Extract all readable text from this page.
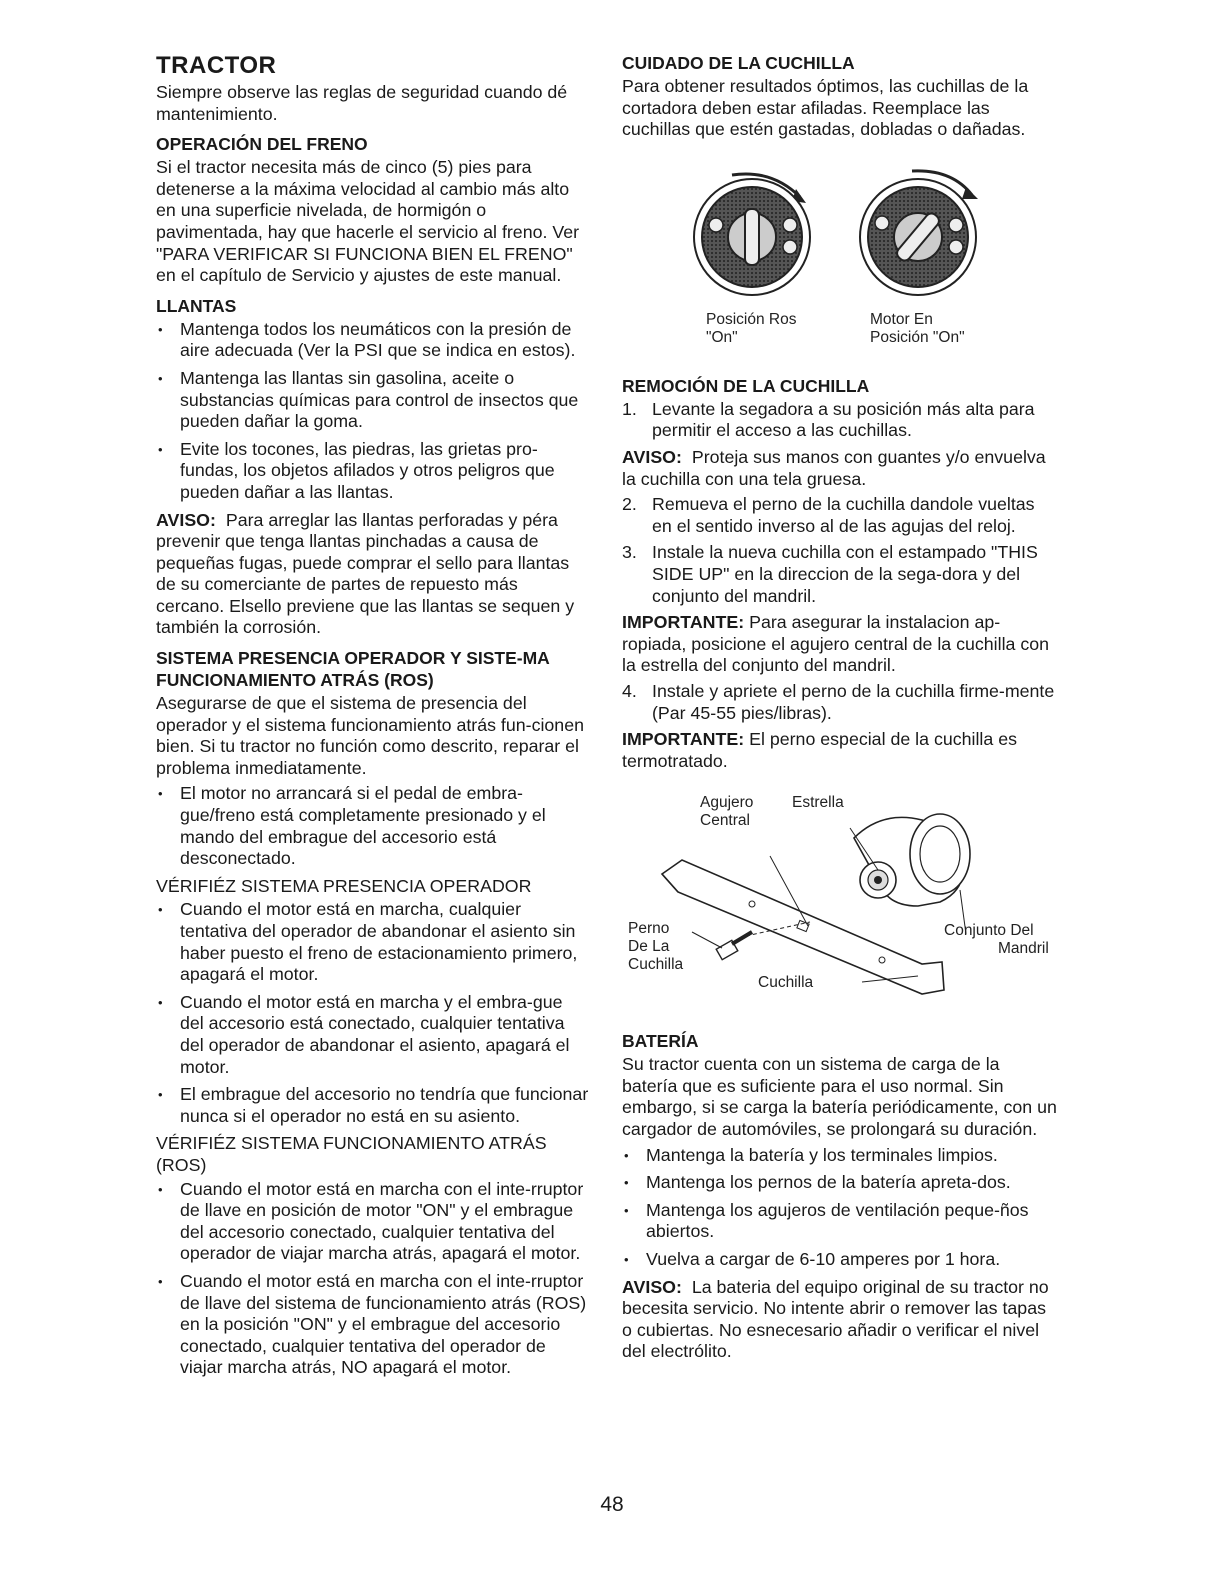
TRACTOR

Siempre observe las reglas de seguridad cuando dé mantenimiento.

OPERACIÓN DEL FRENO

Si el tractor necesita más de cinco (5) pies para detenerse a la máxima velocidad al cambio más alto en una superficie nivelada, de hormigón o pavimentada, hay que hacerle el servicio al freno. Ver "PARA VERIFICAR SI FUNCIONA BIEN EL FRENO" en el capítulo de Servicio y ajustes de este manual.

LLANTAS
• Mantenga todos los neumáticos con la presión de aire adecuada (Ver la PSI que se indica en estos).
• Mantenga las llantas sin gasolina, aceite o substancias químicas para control de insectos que pueden dañar la goma.
• Evite los tocones, las piedras, las grietas pro-fundas, los objetos afilados y otros peligros que pueden dañar a las llantas.

AVISO: Para arreglar las llantas perforadas y péra prevenir que tenga llantas pinchadas a causa de pequeñas fugas, puede comprar el sello para llantas de su comerciante de partes de repuesto más cercano. Elsello previene que las llantas se sequen y también la corrosión.

SISTEMA PRESENCIA OPERADOR Y SISTE-MA FUNCIONAMIENTO ATRÁS (ROS)

Asegurarse de que el sistema de presencia del operador y el sistema funcionamiento atrás fun-cionen bien. Si tu tractor no función como descrito, reparar el problema inmediatamente.

• El motor no arrancará si el pedal de embra-gue/freno está completamente presionado y el mando del embrague del accesorio está desconectado.
VÉRIFIÉZ SISTEMA PRESENCIA OPERADOR
• Cuando el motor está en marcha, cualquier tentativa del operador de abandonar el asiento sin haber puesto el freno de estacionamiento primero, apagará el motor.
• Cuando el motor está en marcha y el embra-gue del accesorio está conectado, cualquier tentativa del operador de abandonar el asiento, apagará el motor.
• El embrague del accesorio no tendría que funcionar nunca si el operador no está en su asiento.
VÉRIFIÉZ SISTEMA FUNCIONAMIENTO ATRÁS (ROS)
• Cuando el motor está en marcha con el inte-rruptor de llave en posición de motor "ON" y el embrague del accesorio conectado, cualquier tentativa del operador de viajar marcha atrás, apagará el motor.
• Cuando el motor está en marcha con el inte-rruptor de llave del sistema de funcionamiento atrás (ROS) en la posición "ON" y el embrague del accesorio conectado, cualquier tentativa del operador de viajar marcha atrás, NO apagará el motor.
CUIDADO DE LA CUCHILLA

Para obtener resultados óptimos, las cuchillas de la cortadora deben estar afiladas. Reemplace las cuchillas que estén gastadas, dobladas o dañadas.

Posición Ros
"On"
Motor En
Posición "On"
REMOCIÓN DE LA CUCHILLA
1. Levante la segadora a su posición más alta para permitir el acceso a las cuchillas.

AVISO: Proteja sus manos con guantes y/o envuelva la cuchilla con una tela gruesa.

2. Remueva el perno de la cuchilla dandole vueltas en el sentido inverso al de las agujas del reloj.
3. Instale la nueva cuchilla con el estampado "THIS SIDE UP" en la direccion de la sega-dora y del conjunto del mandril.

IMPORTANTE: Para asegurar la instalacion ap-ropiada, posicione el agujero central de la cuchilla con la estrella del conjunto del mandril.

4. Instale y apriete el perno de la cuchilla firme-mente (Par 45-55 pies/libras).

IMPORTANTE: El perno especial de la cuchilla es termotratado.

Agujero
Central
Estrella
Perno
De La
Cuchilla
Conjunto Del
Mandril
Cuchilla
BATERÍA

Su tractor cuenta con un sistema de carga de la batería que es suficiente para el uso normal. Sin embargo, si se carga la batería periódicamente, con un cargador de automóviles, se prolongará su duración.

• Mantenga la batería y los terminales limpios.
• Mantenga los pernos de la batería apreta-dos.
• Mantenga los agujeros de ventilación peque-ños abiertos.
• Vuelva a cargar de 6-10 amperes por 1 hora.

AVISO: La bateria del equipo original de su tractor no becesita servicio. No intente abrir o remover las tapas o cubiertas. No esnecesario añadir o verificar el nivel del electrólito.

48
